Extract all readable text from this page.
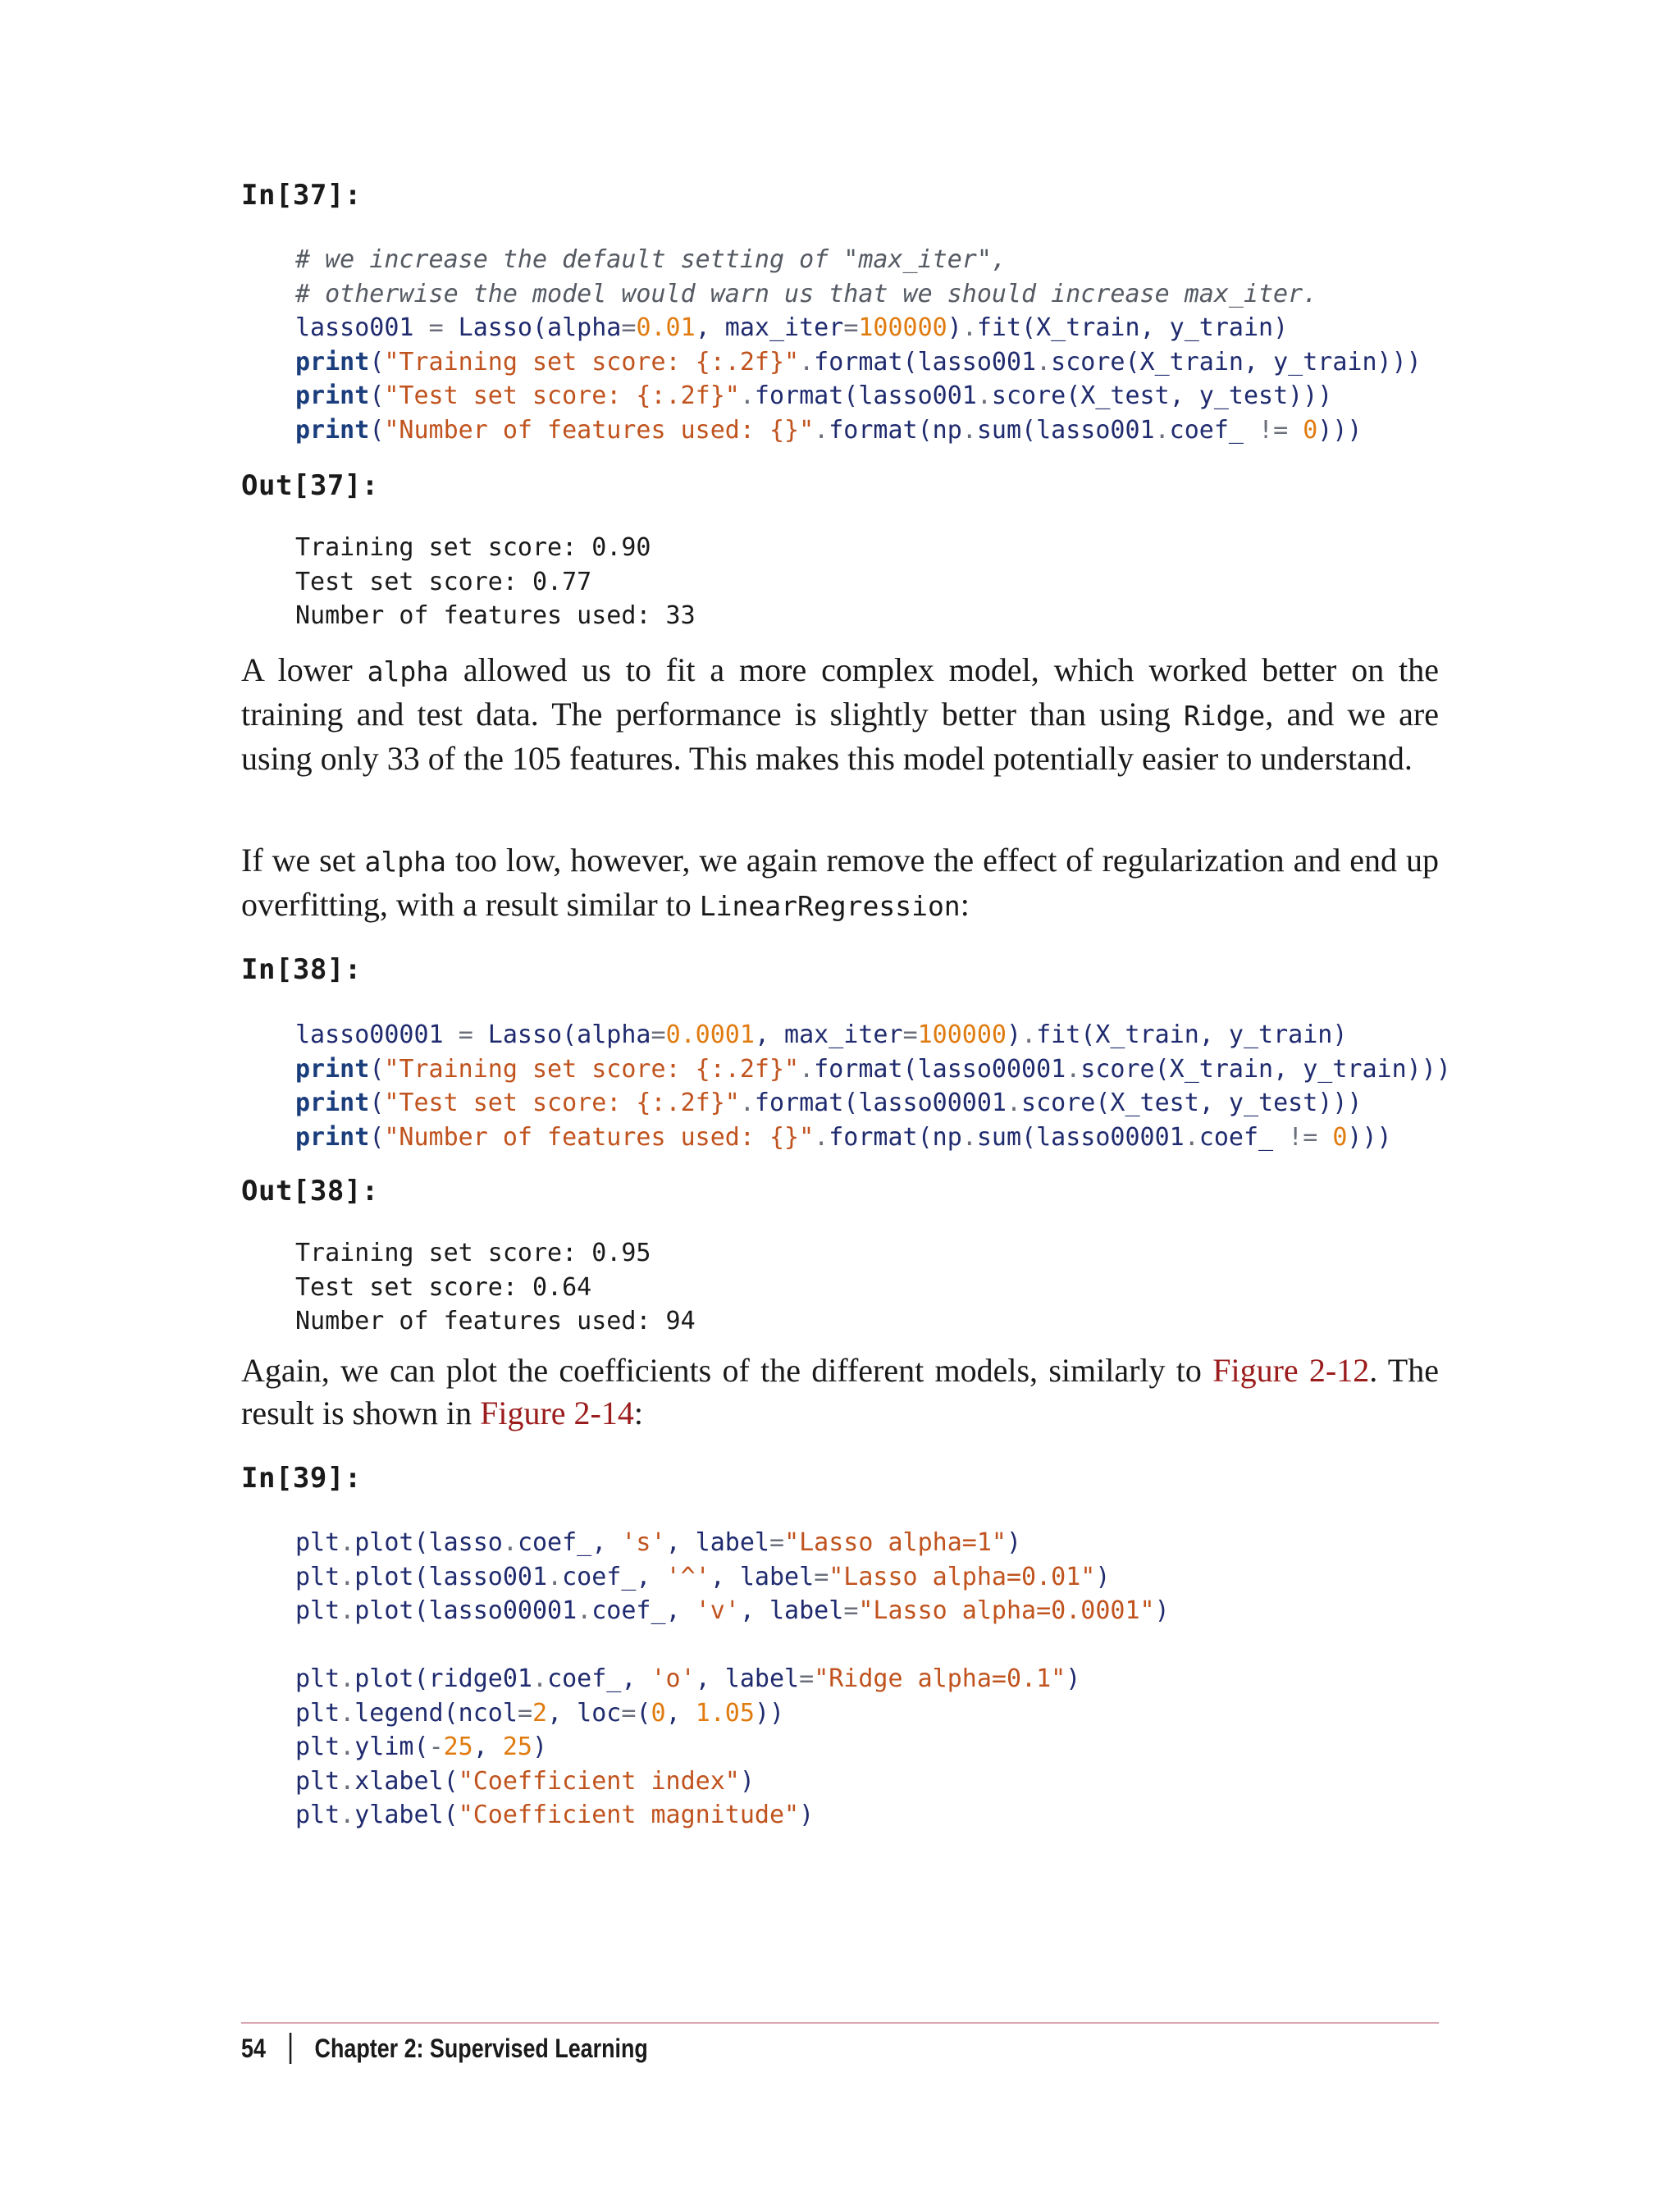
In[37]:
# we increase the default setting of "max_iter",
# otherwise the model would warn us that we should increase max_iter.
lasso001 = Lasso(alpha=0.01, max_iter=100000).fit(X_train, y_train)
print("Training set score: {:.2f}".format(lasso001.score(X_train, y_train)))
print("Test set score: {:.2f}".format(lasso001.score(X_test, y_test)))
print("Number of features used: {}".format(np.sum(lasso001.coef_ != 0)))
Out[37]:
Training set score: 0.90
Test set score: 0.77
Number of features used: 33

A lower alpha allowed us to fit a more complex model, which worked better on the training and test data. The performance is slightly better than using Ridge, and we are using only 33 of the 105 features. This makes this model potentially easier to understand.

If we set alpha too low, however, we again remove the effect of regularization and end up overfitting, with a result similar to LinearRegression:

In[38]:
lasso00001 = Lasso(alpha=0.0001, max_iter=100000).fit(X_train, y_train)
print("Training set score: {:.2f}".format(lasso00001.score(X_train, y_train)))
print("Test set score: {:.2f}".format(lasso00001.score(X_test, y_test)))
print("Number of features used: {}".format(np.sum(lasso00001.coef_ != 0)))
Out[38]:
Training set score: 0.95
Test set score: 0.64
Number of features used: 94

Again, we can plot the coefficients of the different models, similarly to Figure 2-12. The result is shown in Figure 2-14:

In[39]:
plt.plot(lasso.coef_, 's', label="Lasso alpha=1")
plt.plot(lasso001.coef_, '^', label="Lasso alpha=0.01")
plt.plot(lasso00001.coef_, 'v', label="Lasso alpha=0.0001")
plt.plot(ridge01.coef_, 'o', label="Ridge alpha=0.1")
plt.legend(ncol=2, loc=(0, 1.05))
plt.ylim(-25, 25)
plt.xlabel("Coefficient index")
plt.ylabel("Coefficient magnitude")
54 Chapter 2: Supervised Learning
